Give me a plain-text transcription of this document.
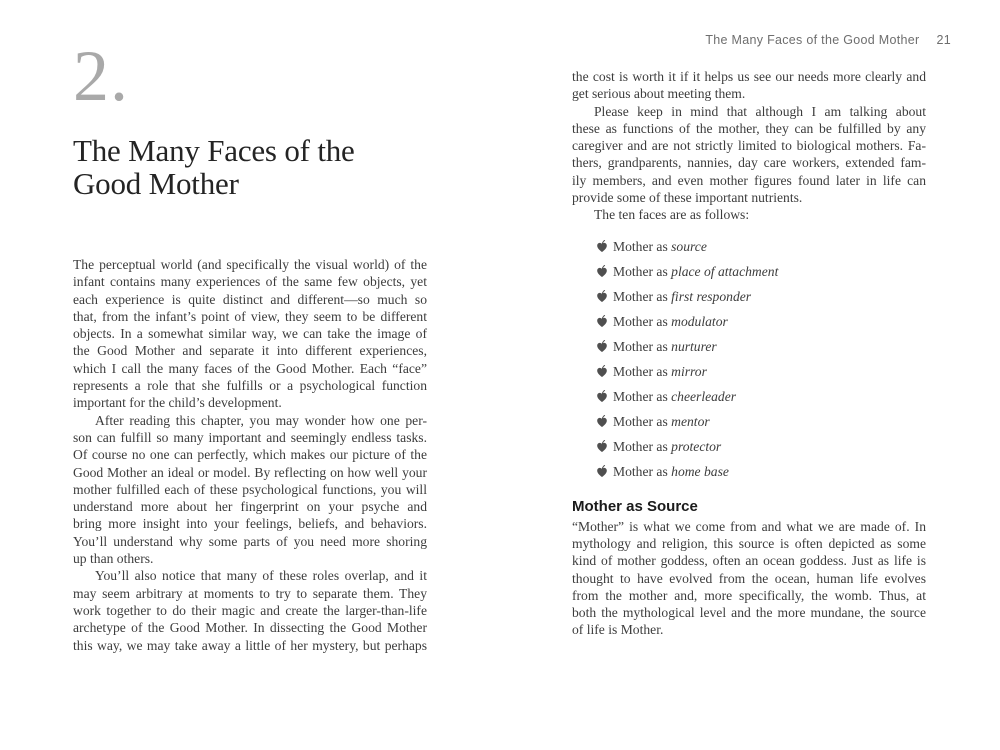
2.
The Many Faces of the
Good Mother
The perceptual world (and specifically the visual world) of the
infant contains many experiences of the same few objects, yet
each experience is quite distinct and different—so much so
that, from the infant’s point of view, they seem to be different
objects. In a somewhat similar way, we can take the image of
the Good Mother and separate it into different experiences,
which I call the many faces of the Good Mother. Each “face”
represents a role that she fulfills or a psychological function
important for the child’s development.
After reading this chapter, you may wonder how one per-
son can fulfill so many important and seemingly endless tasks.
Of course no one can perfectly, which makes our picture of the
Good Mother an ideal or model. By reflecting on how well your
mother fulfilled each of these psychological functions, you will
understand more about her fingerprint on your psyche and
bring more insight into your feelings, beliefs, and behaviors.
You’ll understand why some parts of you need more shoring
up than others.
You’ll also notice that many of these roles overlap, and it
may seem arbitrary at moments to try to separate them. They
work together to do their magic and create the larger-than-life
archetype of the Good Mother. In dissecting the Good Mother
this way, we may take away a little of her mystery, but perhaps
The Many Faces of the Good Mother 21
the cost is worth it if it helps us see our needs more clearly and
get serious about meeting them.
Please keep in mind that although I am talking about
these as functions of the mother, they can be fulfilled by any
caregiver and are not strictly limited to biological mothers. Fa-
thers, grandparents, nannies, day care workers, extended fam-
ily members, and even mother figures found later in life can
provide some of these important nutrients.
The ten faces are as follows:
Mother as source
Mother as place of attachment
Mother as first responder
Mother as modulator
Mother as nurturer
Mother as mirror
Mother as cheerleader
Mother as mentor
Mother as protector
Mother as home base
Mother as Source
“Mother” is what we come from and what we are made of. In
mythology and religion, this source is often depicted as some
kind of mother goddess, often an ocean goddess. Just as life is
thought to have evolved from the ocean, human life evolves
from the mother and, more specifically, the womb. Thus, at
both the mythological level and the more mundane, the source
of life is Mother.
